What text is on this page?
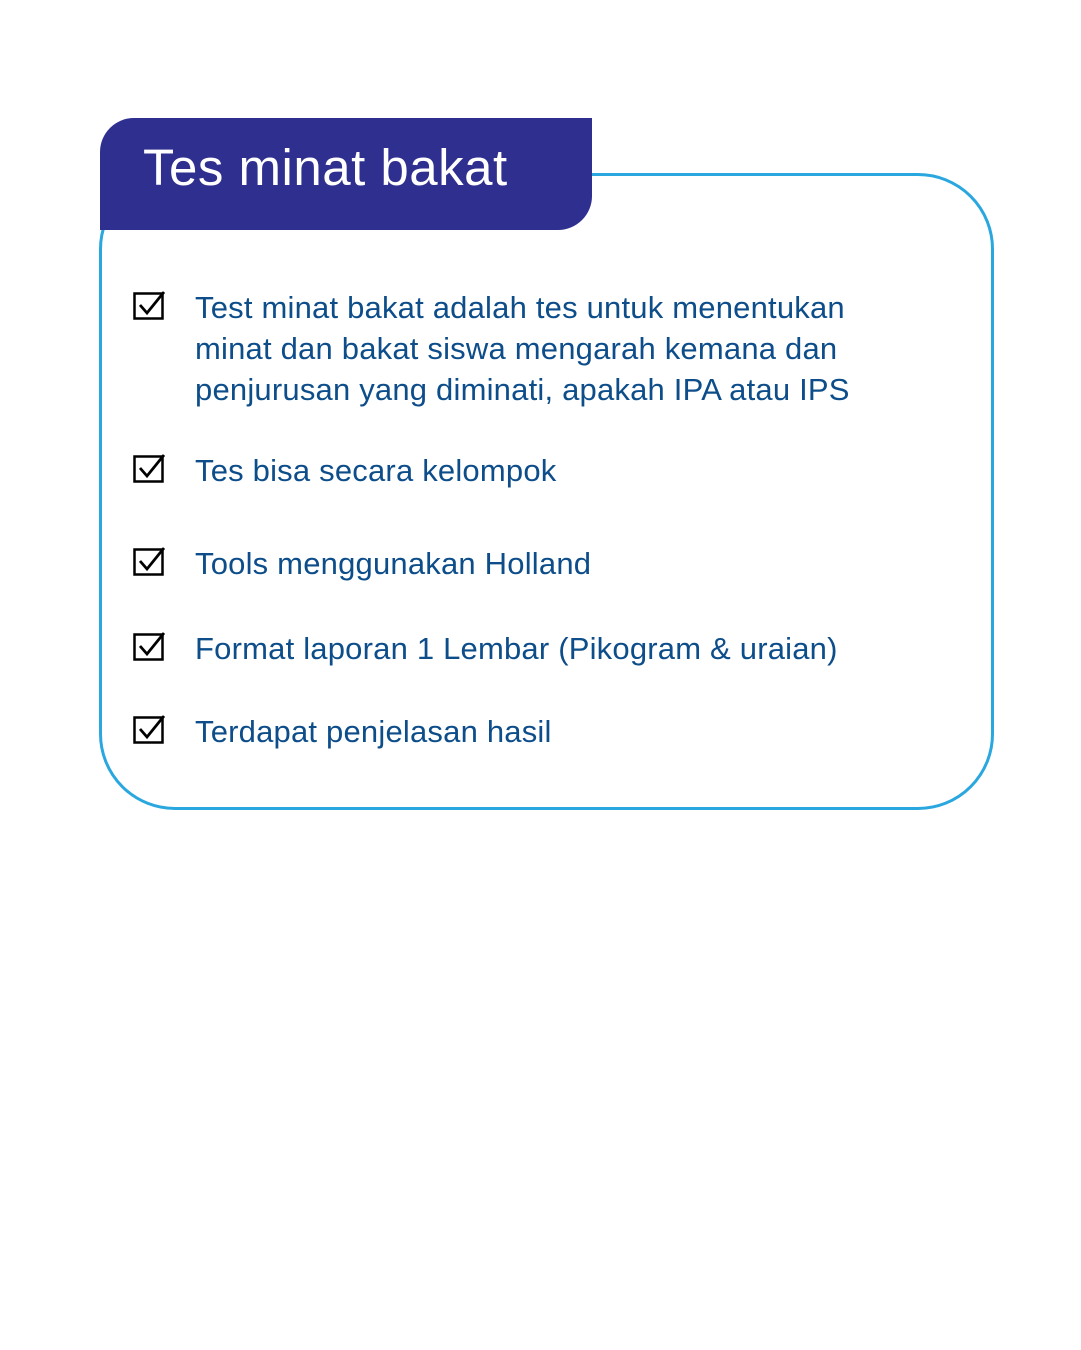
Tes minat bakat
Test minat bakat adalah tes untuk menentukan
minat dan bakat siswa mengarah kemana dan
penjurusan yang diminati, apakah IPA atau IPS
Tes bisa secara kelompok
Tools menggunakan Holland
Format laporan 1 Lembar (Pikogram & uraian)
Terdapat penjelasan hasil
